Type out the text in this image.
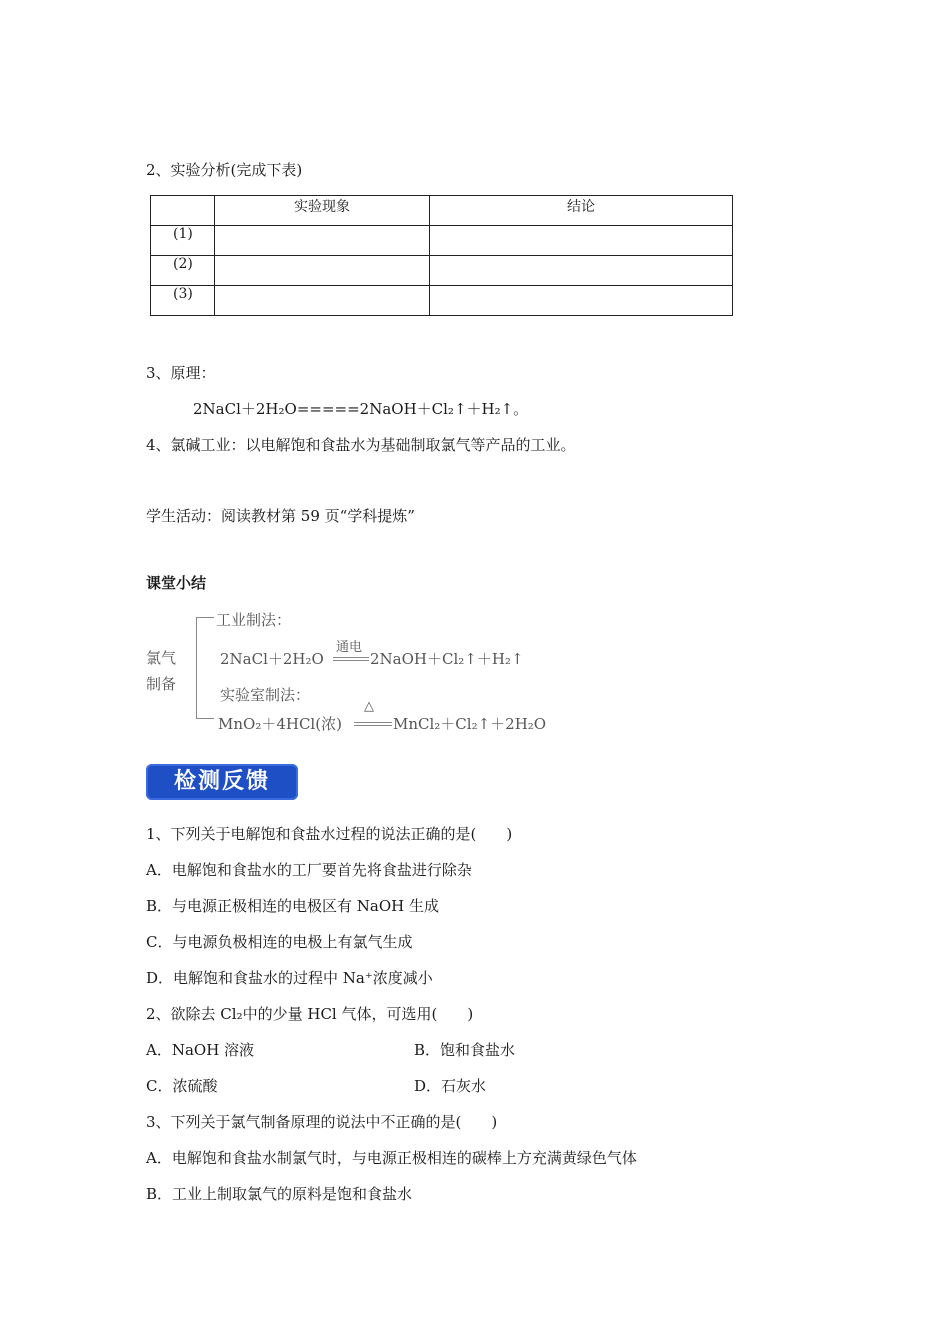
2、实验分析(完成下表)
	实验现象	结论
(1)		
(2)		
(3)		
3、原理：
2NaCl＋2H₂O=====2NaOH＋Cl₂↑＋H₂↑。
4、氯碱工业：以电解饱和食盐水为基础制取氯气等产品的工业。
学生活动：阅读教材第 59 页“学科提炼”
课堂小结
氯气
制备
工业制法：
2NaCl＋2H₂O
通电
2NaOH＋Cl₂↑＋H₂↑
实验室制法：
MnO₂＋4HCl(浓)
△
MnCl₂＋Cl₂↑＋2H₂O
检测反馈
1、下列关于电解饱和食盐水过程的说法正确的是(　　)
A．电解饱和食盐水的工厂要首先将食盐进行除杂
B．与电源正极相连的电极区有 NaOH 生成
C．与电源负极相连的电极上有氯气生成
D．电解饱和食盐水的过程中 Na⁺浓度减小
2、欲除去 Cl₂中的少量 HCl 气体，可选用(　　)
A．NaOH 溶液	B．饱和食盐水
C．浓硫酸	D．石灰水
3、下列关于氯气制备原理的说法中不正确的是(　　)
A．电解饱和食盐水制氯气时，与电源正极相连的碳棒上方充满黄绿色气体
B．工业上制取氯气的原料是饱和食盐水
